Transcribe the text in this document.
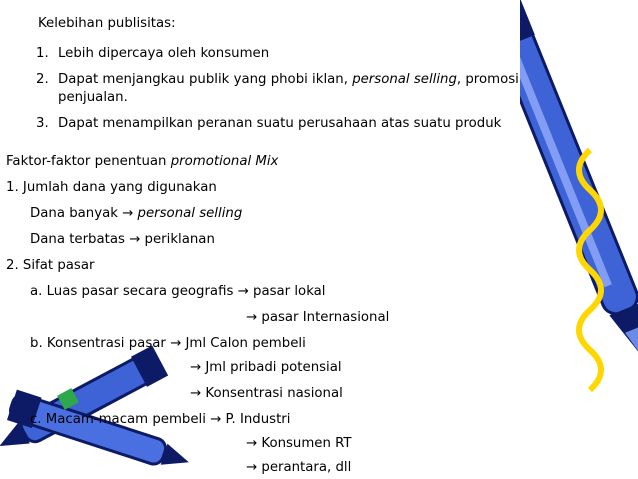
Kelebihan publisitas:
1. Lebih dipercaya oleh konsumen
2. Dapat menjangkau publik yang phobi iklan, personal selling, promosi
penjualan.
3. Dapat menampilkan peranan suatu perusahaan atas suatu produk
Faktor-faktor penentuan promotional Mix
1. Jumlah dana yang digunakan
Dana banyak → personal selling
Dana terbatas → periklanan
2. Sifat pasar
a. Luas pasar secara geografis → pasar lokal
→ pasar Internasional
b. Konsentrasi pasar → Jml Calon pembeli
→ Jml pribadi potensial
→ Konsentrasi nasional
c. Macam-macam pembeli → P. Industri
→ Konsumen RT
→ perantara, dll
